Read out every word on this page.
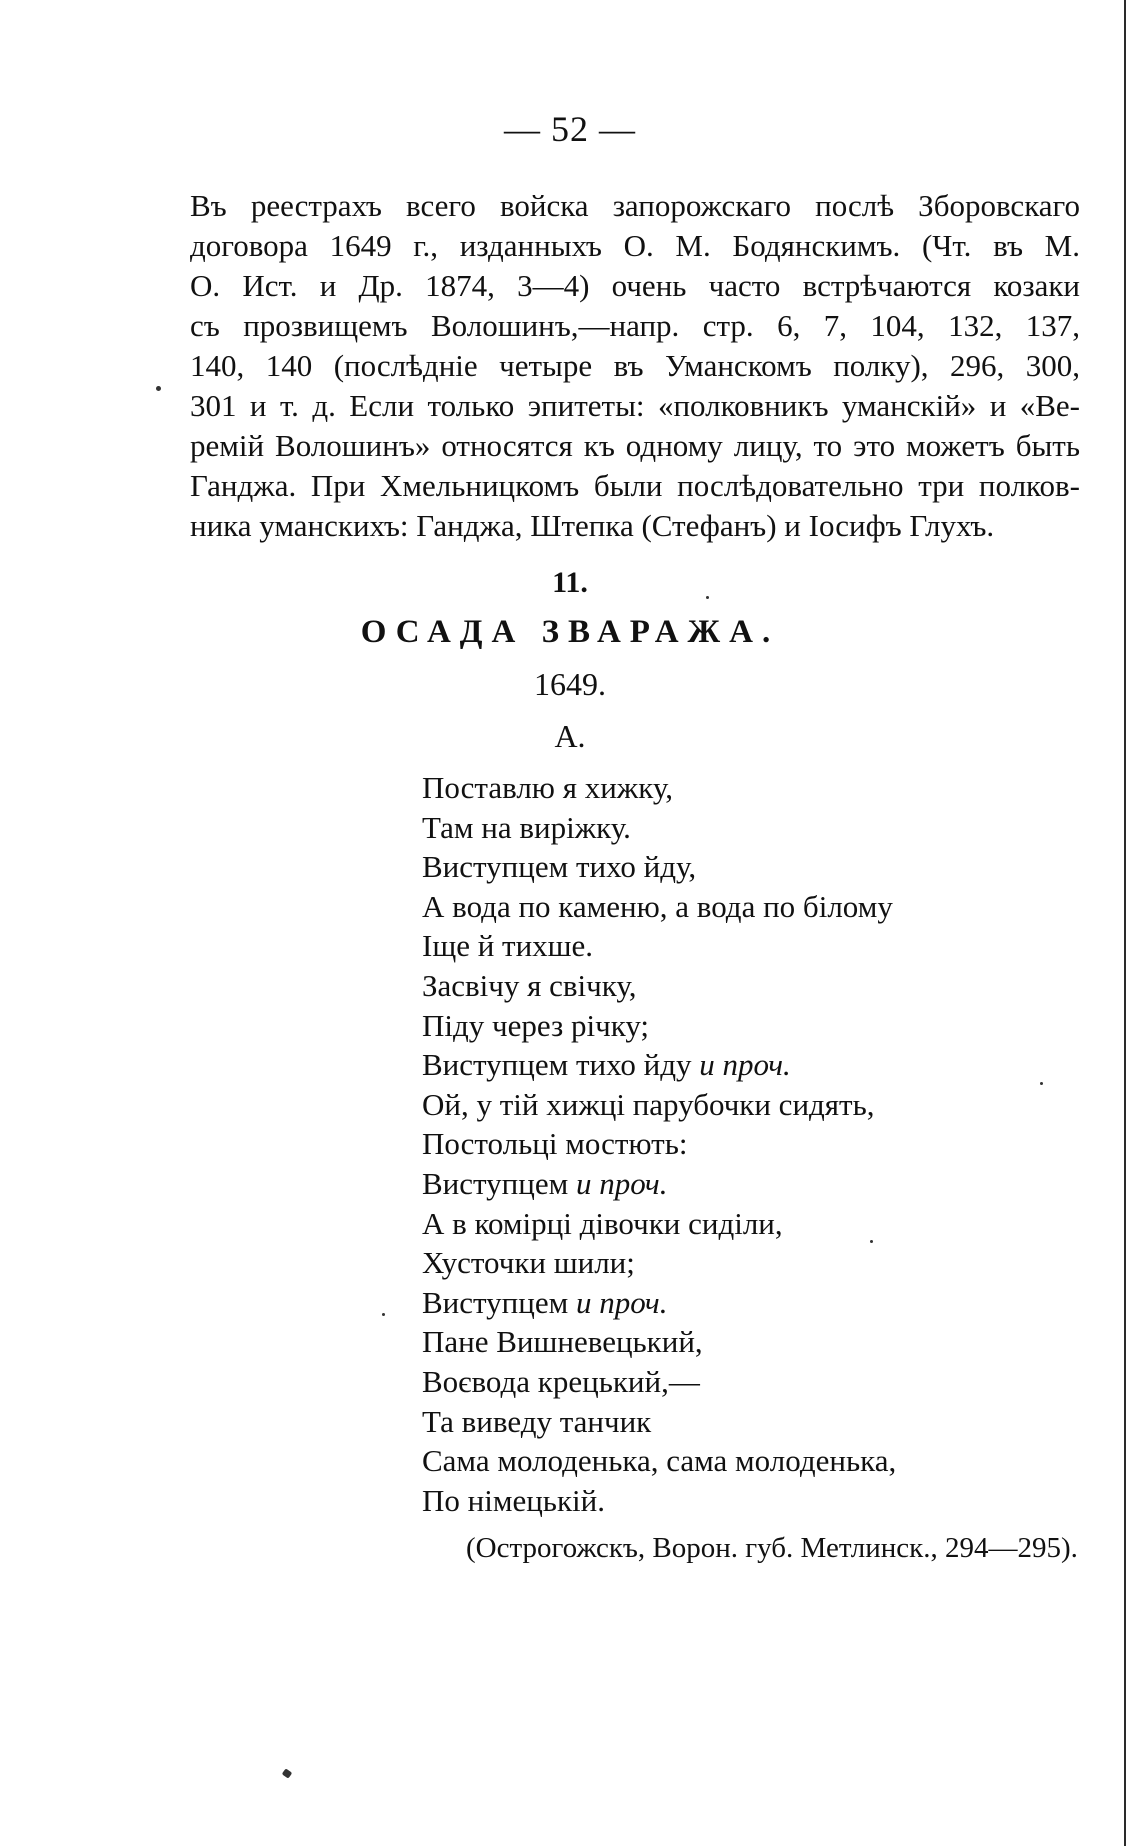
— 52 —
Въ реестрахъ всего войска запорожскаго послѣ Зборовскаго
договора 1649 г., изданныхъ О. М. Бодянскимъ. (Чт. въ М.
О. Ист. и Др. 1874, 3—4) очень часто встрѣчаются козаки
съ прозвищемъ Волошинъ,—напр. стр. 6, 7, 104, 132, 137,
140, 140 (послѣдніе четыре въ Уманскомъ полку), 296, 300,
301 и т. д. Если только эпитеты: «полковникъ уманскій» и «Ве-
ремій Волошинъ» относятся къ одному лицу, то это можетъ быть
Ганджа. При Хмельницкомъ были послѣдовательно три полков-
ника уманскихъ: Ганджа, Штепка (Стефанъ) и Іосифъ Глухъ.
11.
ОСАДА ЗВАРАЖА.
1649.
А.
Поставлю я хижку,
Там на виріжку.
Виступцем тихо йду,
А вода по каменю, а вода по білому
Іще й тихше.
Засвічу я свічку,
Піду через річку;
Виступцем тихо йду и проч.
Ой, у тій хижці парубочки сидять,
Постольці мостють:
Виступцем и проч.
А в комірці дівочки сиділи,
Хусточки шили;
Виступцем и проч.
Пане Вишневецький,
Воєвода крецький,—
Та виведу танчик
Сама молоденька, сама молоденька,
По німецькій.
(Острогожскъ, Ворон. губ. Метлинск., 294—295).
